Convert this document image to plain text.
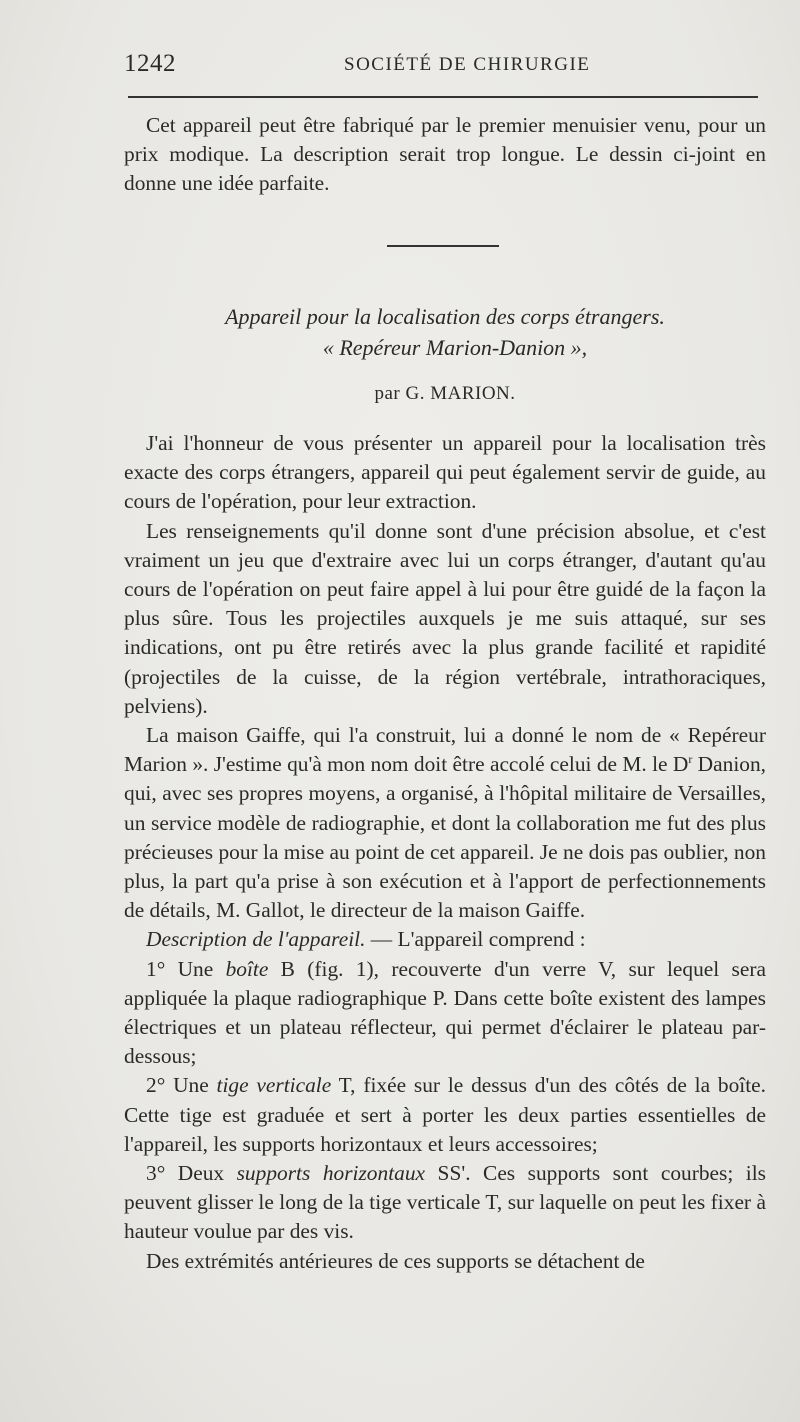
1242	SOCIÉTÉ DE CHIRURGIE

Cet appareil peut être fabriqué par le premier menuisier venu, pour un prix modique. La description serait trop longue. Le dessin ci-joint en donne une idée parfaite.

Appareil pour la localisation des corps étrangers.
« Repéreur Marion-Danion »,
par G. MARION.

J'ai l'honneur de vous présenter un appareil pour la localisation très exacte des corps étrangers, appareil qui peut également servir de guide, au cours de l'opération, pour leur extraction.

Les renseignements qu'il donne sont d'une précision absolue, et c'est vraiment un jeu que d'extraire avec lui un corps étranger, d'autant qu'au cours de l'opération on peut faire appel à lui pour être guidé de la façon la plus sûre. Tous les projectiles auxquels je me suis attaqué, sur ses indications, ont pu être retirés avec la plus grande facilité et rapidité (projectiles de la cuisse, de la région vertébrale, intrathoraciques, pelviens).

La maison Gaiffe, qui l'a construit, lui a donné le nom de « Repéreur Marion ». J'estime qu'à mon nom doit être accolé celui de M. le $D^r$ Danion, qui, avec ses propres moyens, a organisé, à l'hôpital militaire de Versailles, un service modèle de radiographie, et dont la collaboration me fut des plus précieuses pour la mise au point de cet appareil. Je ne dois pas oublier, non plus, la part qu'a prise à son exécution et à l'apport de perfectionnements de détails, M. Gallot, le directeur de la maison Gaiffe.

Description de l'appareil. — L'appareil comprend :

1° Une boîte B (fig. 1), recouverte d'un verre V, sur lequel sera appliquée la plaque radiographique P. Dans cette boîte existent des lampes électriques et un plateau réflecteur, qui permet d'éclairer le plateau par-dessous;

2° Une tige verticale T, fixée sur le dessus d'un des côtés de la boîte. Cette tige est graduée et sert à porter les deux parties essentielles de l'appareil, les supports horizontaux et leurs accessoires;

3° Deux supports horizontaux SS'. Ces supports sont courbes; ils peuvent glisser le long de la tige verticale T, sur laquelle on peut les fixer à hauteur voulue par des vis.

Des extrémités antérieures de ces supports se détachent de
